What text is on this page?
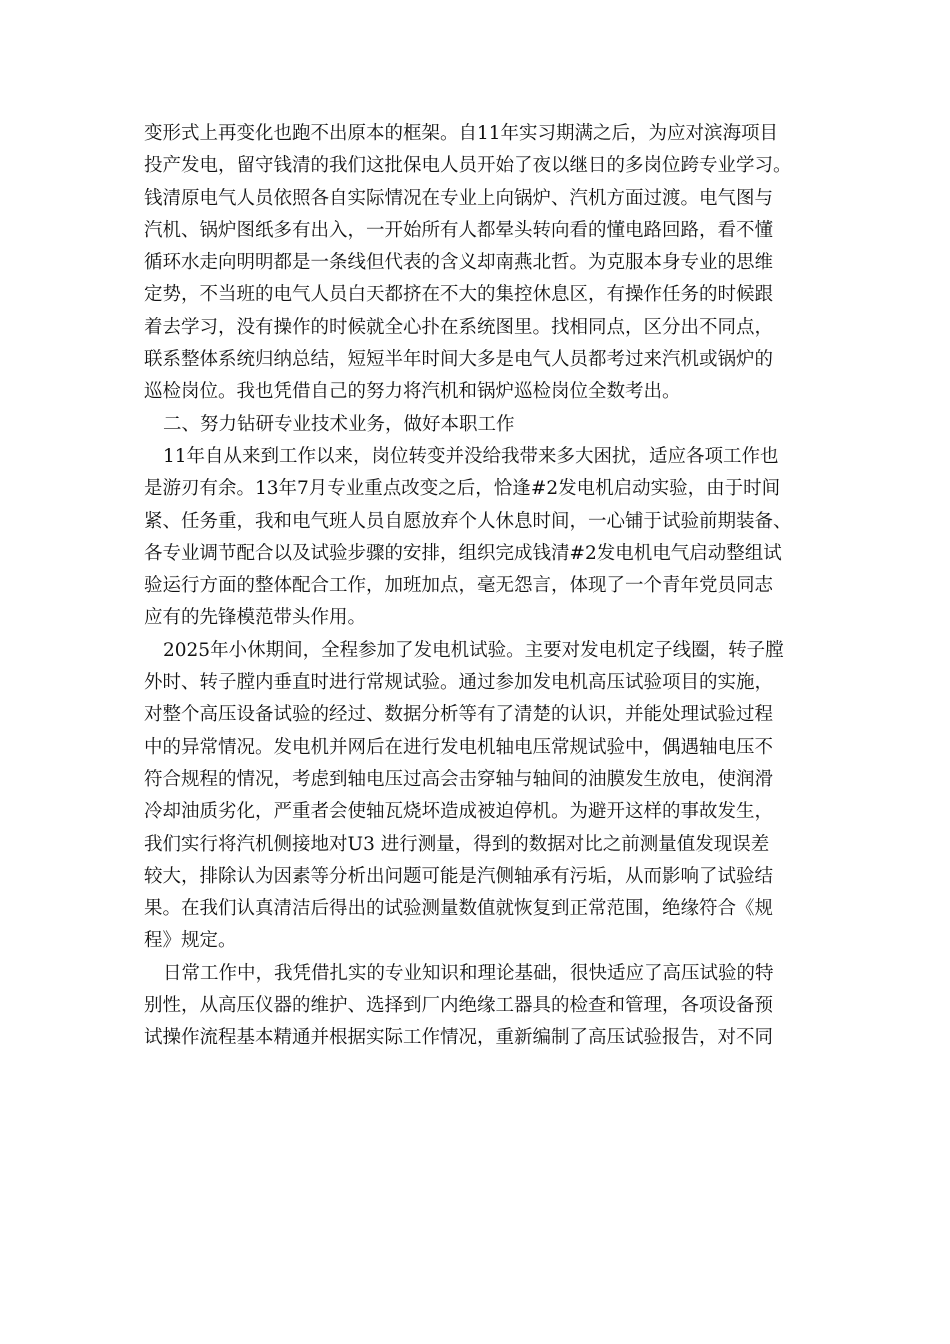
变形式上再变化也跑不出原本的框架。自11年实习期满之后，为应对滨海项目
投产发电，留守钱清的我们这批保电人员开始了夜以继日的多岗位跨专业学习。
钱清原电气人员依照各自实际情况在专业上向锅炉、汽机方面过渡。电气图与
汽机、锅炉图纸多有出入，一开始所有人都晕头转向看的懂电路回路，看不懂
循环水走向明明都是一条线但代表的含义却南燕北哲。为克服本身专业的思维
定势，不当班的电气人员白天都挤在不大的集控休息区，有操作任务的时候跟
着去学习，没有操作的时候就全心扑在系统图里。找相同点，区分出不同点，
联系整体系统归纳总结，短短半年时间大多是电气人员都考过来汽机或锅炉的
巡检岗位。我也凭借自己的努力将汽机和锅炉巡检岗位全数考出。
二、努力钻研专业技术业务，做好本职工作
11年自从来到工作以来，岗位转变并没给我带来多大困扰，适应各项工作也
是游刃有余。13年7月专业重点改变之后，恰逢#2发电机启动实验，由于时间
紧、任务重，我和电气班人员自愿放弃个人休息时间，一心铺于试验前期装备、
各专业调节配合以及试验步骤的安排，组织完成钱清#2发电机电气启动整组试
验运行方面的整体配合工作，加班加点，毫无怨言，体现了一个青年党员同志
应有的先锋模范带头作用。
2025年小休期间，全程参加了发电机试验。主要对发电机定子线圈，转子膛
外时、转子膛内垂直时进行常规试验。通过参加发电机高压试验项目的实施，
对整个高压设备试验的经过、数据分析等有了清楚的认识，并能处理试验过程
中的异常情况。发电机并网后在进行发电机轴电压常规试验中，偶遇轴电压不
符合规程的情况，考虑到轴电压过高会击穿轴与轴间的油膜发生放电，使润滑
冷却油质劣化，严重者会使轴瓦烧坏造成被迫停机。为避开这样的事故发生，
我们实行将汽机侧接地对U3 进行测量，得到的数据对比之前测量值发现误差
较大，排除认为因素等分析出问题可能是汽侧轴承有污垢，从而影响了试验结
果。在我们认真清洁后得出的试验测量数值就恢复到正常范围，绝缘符合《规
程》规定。
日常工作中，我凭借扎实的专业知识和理论基础，很快适应了高压试验的特
别性，从高压仪器的维护、选择到厂内绝缘工器具的检查和管理，各项设备预
试操作流程基本精通并根据实际工作情况，重新编制了高压试验报告，对不同
